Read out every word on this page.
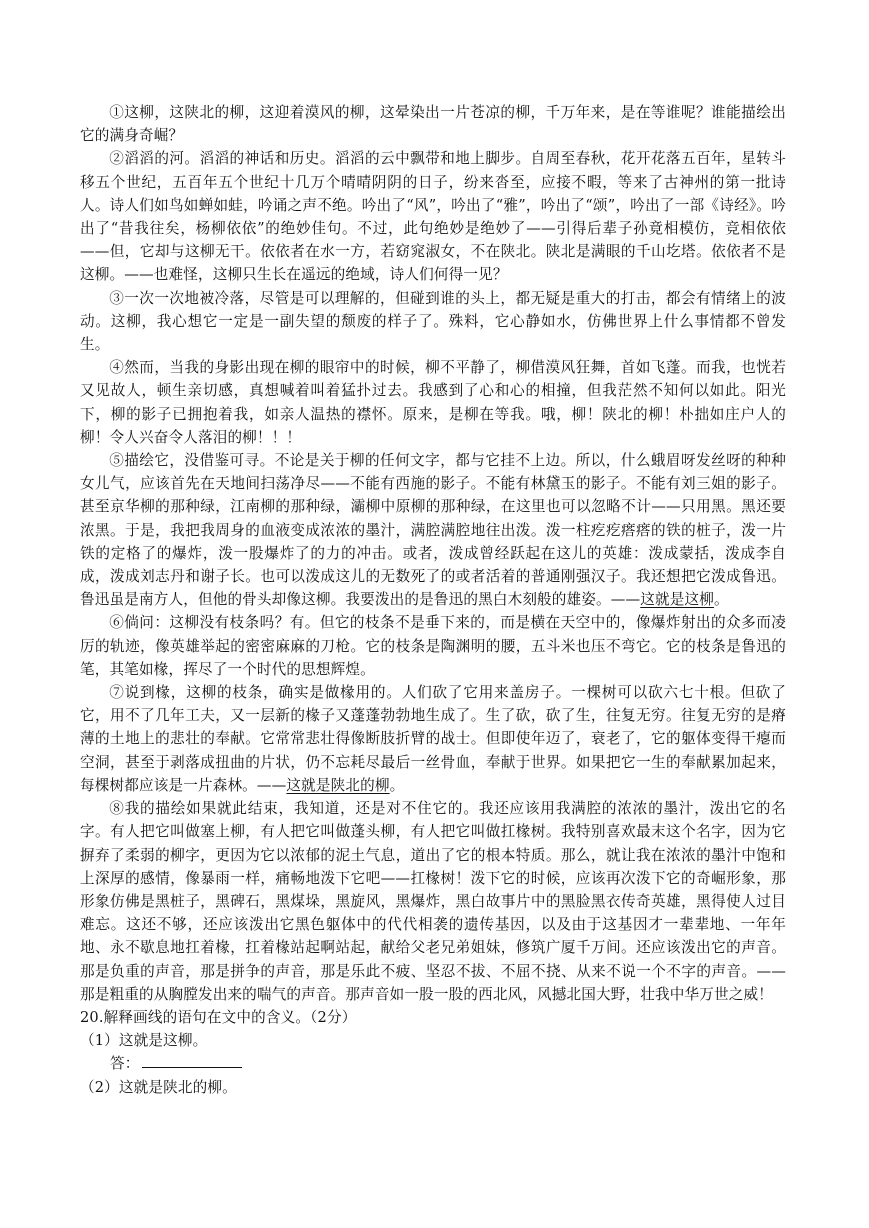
①这柳，这陕北的柳，这迎着漠风的柳，这晕染出一片苍凉的柳，千万年来，是在等谁呢？谁能描绘出它的满身奇崛？

②滔滔的河。滔滔的神话和历史。滔滔的云中飘带和地上脚步。自周至春秋，花开花落五百年，星转斗移五个世纪，五百年五个世纪十几万个晴晴阴阴的日子，纷来沓至，应接不暇，等来了古神州的第一批诗人。诗人们如鸟如蝉如蛙，吟诵之声不绝。吟出了“风”，吟出了“雅”，吟出了“颂”，吟出了一部《诗经》。吟出了“昔我往矣，杨柳依依”的绝妙佳句。不过，此句绝妙是绝妙了——引得后辈子孙竟相模仿，竞相依依——但，它却与这柳无干。依依者在水一方，若窈窕淑女，不在陕北。陕北是满眼的千山圪塔。依依者不是这柳。——也难怪，这柳只生长在遥远的绝域，诗人们何得一见？

③一次一次地被冷落，尽管是可以理解的，但碰到谁的头上，都无疑是重大的打击，都会有情绪上的波动。这柳，我心想它一定是一副失望的颓废的样子了。殊料，它心静如水，仿佛世界上什么事情都不曾发生。

④然而，当我的身影出现在柳的眼帘中的时候，柳不平静了，柳借漠风狂舞，首如飞蓬。而我，也恍若又见故人，顿生亲切感，真想喊着叫着猛扑过去。我感到了心和心的相撞，但我茫然不知何以如此。阳光下，柳的影子已拥抱着我，如亲人温热的襟怀。原来，是柳在等我。哦，柳！陕北的柳！朴拙如庄户人的柳！令人兴奋令人落泪的柳！！！

⑤描绘它，没借鉴可寻。不论是关于柳的任何文字，都与它挂不上边。所以，什么蛾眉呀发丝呀的种种女儿气，应该首先在天地间扫荡净尽——不能有西施的影子。不能有林黛玉的影子。不能有刘三姐的影子。甚至京华柳的那种绿，江南柳的那种绿，灞柳中原柳的那种绿，在这里也可以忽略不计——只用黑。黑还要浓黑。于是，我把我周身的血液变成浓浓的墨汁，满腔满腔地往出泼。泼一柱疙疙瘩瘩的铁的桩子，泼一片铁的定格了的爆炸，泼一股爆炸了的力的冲击。或者，泼成曾经跃起在这儿的英雄：泼成蒙括，泼成李自成，泼成刘志丹和谢子长。也可以泼成这儿的无数死了的或者活着的普通刚强汉子。我还想把它泼成鲁迅。鲁迅虽是南方人，但他的骨头却像这柳。我要泼出的是鲁迅的黑白木刻般的雄姿。——这就是这柳。

⑥倘问：这柳没有枝条吗？有。但它的枝条不是垂下来的，而是横在天空中的，像爆炸射出的众多而凌厉的轨迹，像英雄举起的密密麻麻的刀枪。它的枝条是陶渊明的腰，五斗米也压不弯它。它的枝条是鲁迅的笔，其笔如椽，挥尽了一个时代的思想辉煌。

⑦说到椽，这柳的枝条，确实是做椽用的。人们砍了它用来盖房子。一棵树可以砍六七十根。但砍了它，用不了几年工夫，又一层新的椽子又蓬蓬勃勃地生成了。生了砍，砍了生，往复无穷。往复无穷的是瘠薄的土地上的悲壮的奉献。它常常悲壮得像断肢折臂的战士。但即使年迈了，衰老了，它的躯体变得干瘪而空洞，甚至于剥落成扭曲的片状，仍不忘耗尽最后一丝骨血，奉献于世界。如果把它一生的奉献累加起来，每棵树都应该是一片森林。——这就是陕北的柳。

⑧我的描绘如果就此结束，我知道，还是对不住它的。我还应该用我满腔的浓浓的墨汁，泼出它的名字。有人把它叫做塞上柳，有人把它叫做蓬头柳，有人把它叫做扛椽树。我特别喜欢最末这个名字，因为它摒弃了柔弱的柳字，更因为它以浓郁的泥土气息，道出了它的根本特质。那么，就让我在浓浓的墨汁中饱和上深厚的感情，像暴雨一样，痛畅地泼下它吧——扛椽树！泼下它的时候，应该再次泼下它的奇崛形象，那形象仿佛是黑桩子，黑碑石，黑煤垛，黑旋风，黑爆炸，黑白故事片中的黑脸黑衣传奇英雄，黑得使人过目难忘。这还不够，还应该泼出它黑色躯体中的代代相袭的遗传基因，以及由于这基因才一辈辈地、一年年地、永不歇息地扛着椽，扛着椽站起啊站起，献给父老兄弟姐妹，修筑广厦千万间。还应该泼出它的声音。那是负重的声音，那是拼争的声音，那是乐此不疲、坚忍不拔、不屈不挠、从来不说一个不字的声音。——那是粗重的从胸膛发出来的喘气的声音。那声音如一股一股的西北风，风撼北国大野，壮我中华万世之威！

20.解释画线的语句在文中的含义。（2分）

（1）这就是这柳。

答：

（2）这就是陕北的柳。
